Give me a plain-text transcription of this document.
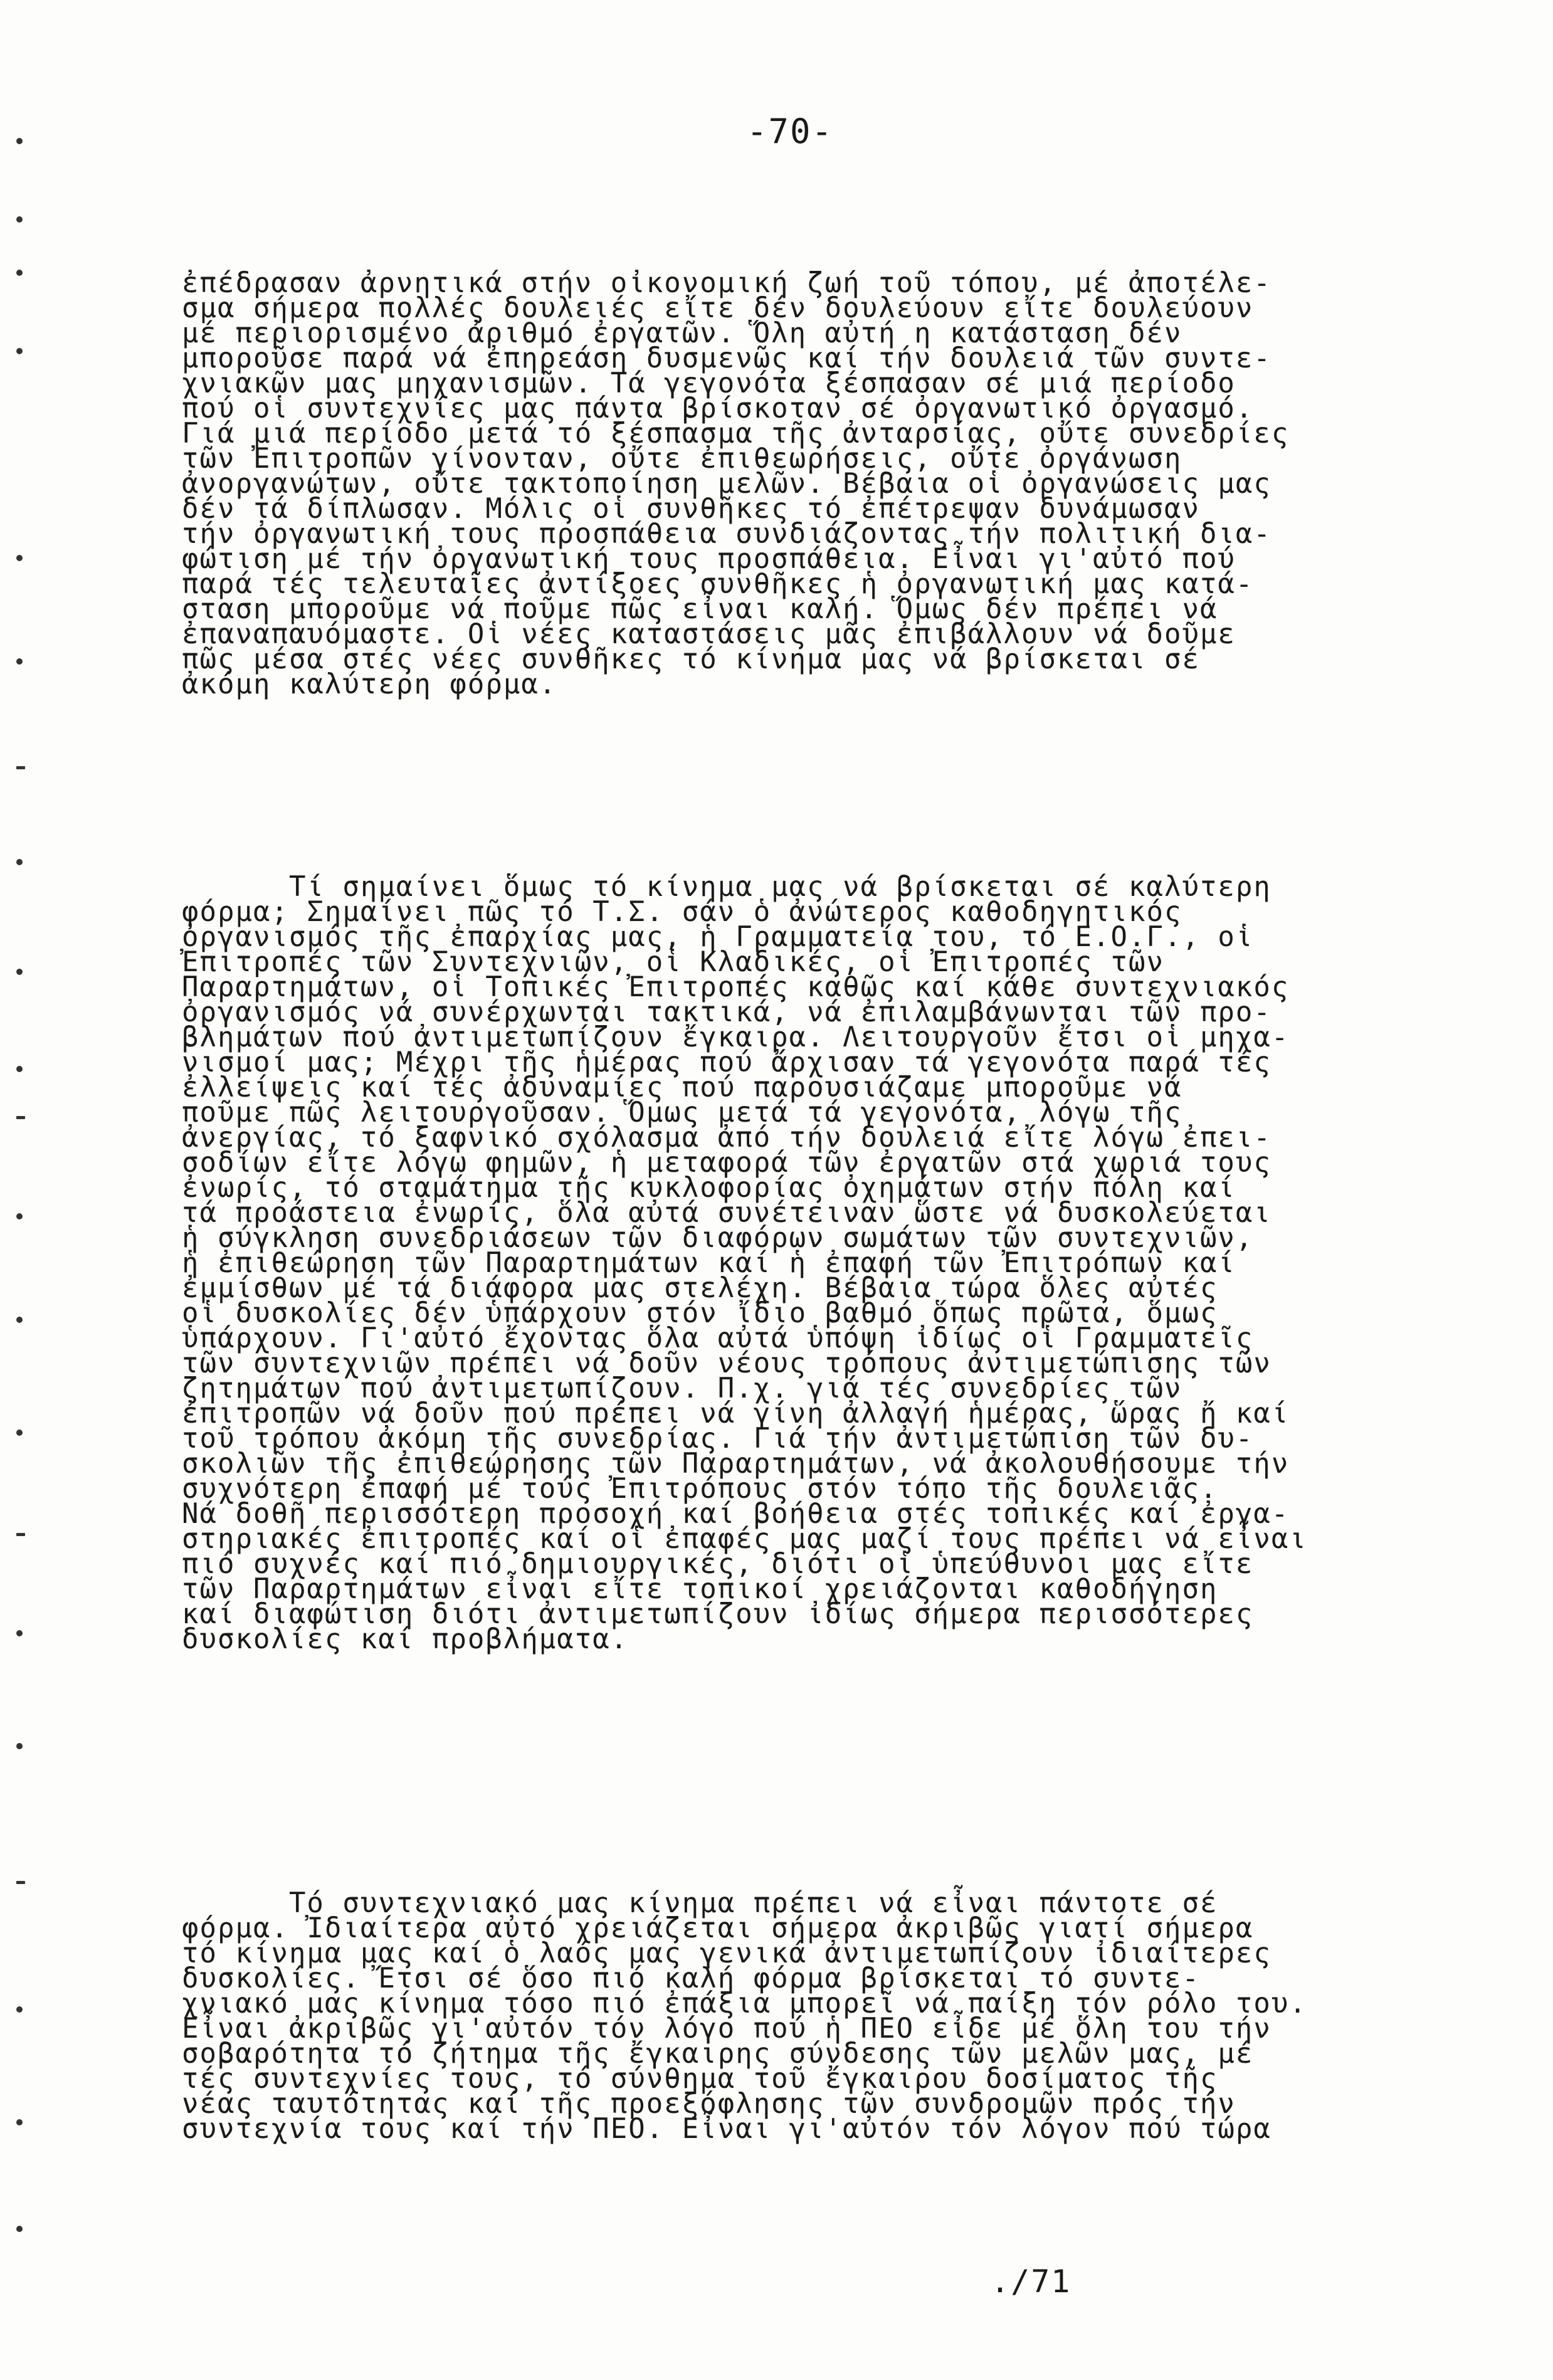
-70-
ἐπέδρασαν ἀρνητικά στήν οἰκονομική ζωή τοῦ τόπου, μέ ἀποτέλε-
σμα σήμερα πολλές δουλειές εἴτε δέν δουλεύουν εἴτε δουλεύουν
μέ περιορισμένο ἀριθμό ἐργατῶν. Ὅλη αὐτή η κατάσταση δέν
μποροῦσε παρά νά ἐπηρεάση δυσμενῶς καί τήν δουλειά τῶν συντε-
χνιακῶν μας μηχανισμῶν. Τά γεγονότα ξέσπασαν σέ μιά περίοδο
πού οἱ συντεχνίες μας πάντα βρίσκοταν σέ ὀργανωτικό ὀργασμό.
Γιά μιά περίοδο μετά τό ξέσπασμα τῆς ἀνταρσίας, οὔτε συνεδρίες
τῶν Ἐπιτροπῶν γίνονταν, οὔτε ἐπιθεωρήσεις, οὔτε ὀργάνωση
ἀνοργανώτων, οὔτε τακτοποίηση μελῶν. Βέβαια οἱ ὀργανώσεις μας
δέν τά δίπλωσαν. Μόλις οἱ συνθῆκες τό ἐπέτρεψαν δυνάμωσαν
τήν ὀργανωτική τους προσπάθεια συνδιάζοντας τήν πολιτική δια-
φώτιση μέ τήν ὀργανωτική τους προσπάθεια. Εἶναι γι'αὐτό πού
παρά τές τελευταῖες ἀντίξοες συνθῆκες ἡ ὀργανωτική μας κατά-
σταση μποροῦμε νά ποῦμε πῶς εἶναι καλή. Ὅμως δέν πρέπει νά
ἐπαναπαυόμαστε. Οἱ νέες καταστάσεις μᾶς ἐπιβάλλουν νά δοῦμε
πῶς μέσα στές νέες συνθῆκες τό κίνημα μας νά βρίσκεται σέ
ἀκόμη καλύτερη φόρμα.
Τί σημαίνει ὅμως τό κίνημα μας νά βρίσκεται σέ καλύτερη
φόρμα; Σημαίνει πῶς τό Τ.Σ. σάν ὁ ἀνώτερος καθοδηγητικός
ὀργανισμός τῆς ἐπαρχίας μας, ἡ Γραμματεία του, τό Ε.Ο.Γ., οἱ
Ἐπιτροπές τῶν Συντεχνιῶν, οἱ Κλαδικές, οἱ Ἐπιτροπές τῶν
Παραρτημάτων, οἱ Τοπικές Ἐπιτροπές καθῶς καί κάθε συντεχνιακός
ὀργανισμός νά συνέρχωνται τακτικά, νά ἐπιλαμβάνωνται τῶν προ-
βλημάτων πού ἀντιμετωπίζουν ἔγκαιρα. Λειτουργοῦν ἔτσι οἱ μηχα-
νισμοί μας; Μέχρι τῆς ἡμέρας πού ἄρχισαν τά γεγονότα παρά τές
ἐλλείψεις καί τές ἀδυναμίες πού παρουσιάζαμε μποροῦμε νά
ποῦμε πῶς λειτουργοῦσαν. Ὅμως μετά τά γεγονότα, λόγω τῆς
ἀνεργίας, τό ξαφνικό σχόλασμα ἀπό τήν δουλειά εἴτε λόγω ἐπει-
σοδίων εἴτε λόγω φημῶν, ἡ μεταφορά τῶν ἐργατῶν στά χωριά τους
ἐνωρίς, τό σταμάτημα τῆς κυκλοφορίας ὀχημάτων στήν πόλη καί
τά προάστεια ἐνωρίς, ὅλα αὐτά συνέτειναν ὥστε νά δυσκολεύεται
ἡ σύγκληση συνεδριάσεων τῶν διαφόρων σωμάτων τῶν συντεχνιῶν,
ἡ ἐπιθεώρηση τῶν Παραρτημάτων καί ἡ ἐπαφή τῶν Ἐπιτρόπων καί
ἐμμίσθων μέ τά διάφορα μας στελέχη. Βέβαια τώρα ὅλες αὐτές
οἱ δυσκολίες δέν ὑπάρχουν στόν ἴδιο βαθμό ὅπως πρῶτα, ὅμως
ὑπάρχουν. Γι'αὐτό ἔχοντας ὅλα αὐτά ὑπόψη ἰδίως οἱ Γραμματεῖς
τῶν συντεχνιῶν πρέπει νά δοῦν νέους τρόπους ἀντιμετώπισης τῶν
ζητημάτων πού ἀντιμετωπίζουν. Π.χ. γιά τές συνεδρίες τῶν
ἐπιτροπῶν νά δοῦν πού πρέπει νά γίνη ἀλλαγή ἡμέρας, ὥρας ἤ καί
τοῦ τρόπου ἀκόμη τῆς συνεδρίας. Γιά τήν ἀντιμετώπιση τῶν δυ-
σκολιῶν τῆς ἐπιθεώρησης τῶν Παραρτημάτων, νά ἀκολουθήσουμε τήν
συχνότερη ἐπαφή μέ τούς Ἐπιτρόπους στόν τόπο τῆς δουλειᾶς.
Νά δοθῆ περισσότερη προσοχή καί βοήθεια στές τοπικές καί ἐργα-
στηριακές ἐπιτροπές καί οἱ ἐπαφές μας μαζί τους πρέπει νά εἶναι
πιό συχνές καί πιό δημιουργικές, διότι οἱ ὑπεύθυνοι μας εἴτε
τῶν Παραρτημάτων εἶναι εἴτε τοπικοί χρειάζονται καθοδήγηση
καί διαφώτιση διότι ἀντιμετωπίζουν ἰδίως σήμερα περισσότερες
δυσκολίες καί προβλήματα.
Τό συντεχνιακό μας κίνημα πρέπει νά εἶναι πάντοτε σέ
φόρμα. Ἰδιαίτερα αὐτό χρειάζεται σήμερα ἀκριβῶς γιατί σήμερα
τό κίνημα μας καί ὁ λαός μας γενικά ἀντιμετωπίζουν ἰδιαίτερες
δυσκολίες. Ἔτσι σέ ὅσο πιό καλή φόρμα βρίσκεται τό συντε-
χνιακό μας κίνημα τόσο πιό ἐπάξια μπορεῖ νά παίξη τόν ρόλο του.
Εἶναι ἀκριβῶς γι'αὐτόν τόν λόγο πού ἡ ΠΕΟ εἶδε μέ ὅλη του τήν
σοβαρότητα τό ζήτημα τῆς ἔγκαιρης σύνδεσης τῶν μελῶν μας, μέ
τές συντεχνίες τους, τό σύνθημα τοῦ ἔγκαιρου δοσίματος τῆς
νέας ταυτότητας καί τῆς προεξόφλησης τῶν συνδρομῶν πρός τήν
συντεχνία τους καί τήν ΠΕΟ. Εἶναι γι'αὐτόν τόν λόγον πού τώρα
./71
